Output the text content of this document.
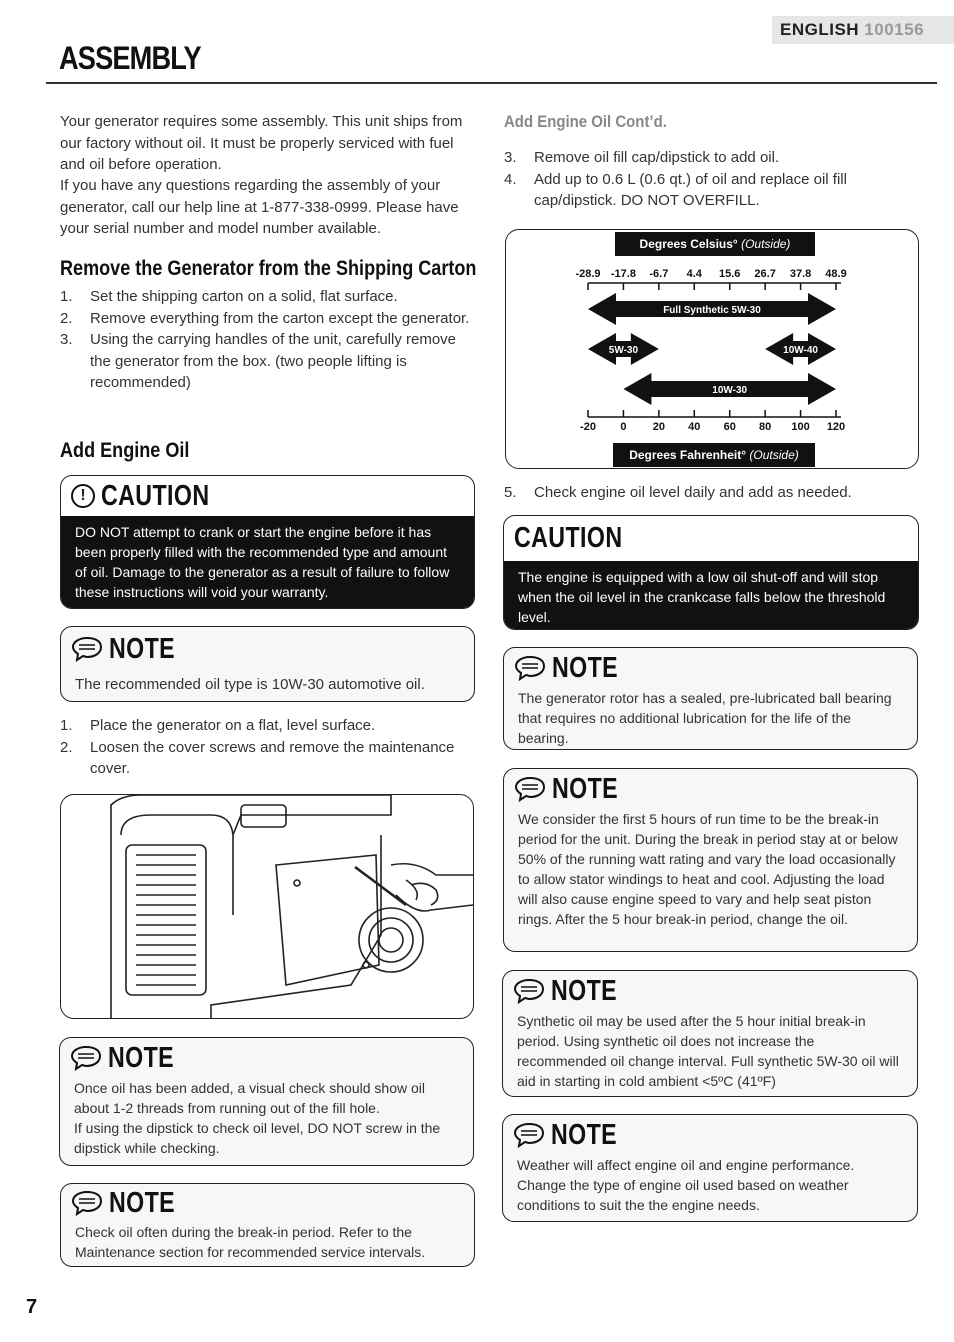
ENGLISH 100156
ASSEMBLY

Your generator requires some assembly. This unit ships from our factory without oil. It must be properly serviced with fuel and oil before operation.

If you have any questions regarding the assembly of your generator, call our help line at 1-877-338-0999. Please have your serial number and model number available.

Remove the Generator from the Shipping Carton
1. Set the shipping carton on a solid, flat surface.
2. Remove everything from the carton except the generator.
3. Using the carrying handles of the unit, carefully remove the generator from the box. (two people lifting is recommended)
Add Engine Oil
! CAUTION
DO NOT attempt to crank or start the engine before it has been properly filled with the recommended type and amount of oil. Damage to the generator as a result of failure to follow these instructions will void your warranty.
NOTE
The recommended oil type is 10W-30 automotive oil.
1. Place the generator on a flat, level surface.
2. Loosen the cover screws and remove the maintenance cover.
NOTE
Once oil has been added, a visual check should show oil about 1-2 threads from running out of the fill hole.
If using the dipstick to check oil level, DO NOT screw in the dipstick while checking.
NOTE
Check oil often during the break-in period. Refer to the Maintenance section for recommended service intervals.
Add Engine Oil Cont’d.
3. Remove oil fill cap/dipstick to add oil.
4. Add up to 0.6 L (0.6 qt.) of oil and replace oil fill cap/dipstick. DO NOT OVERFILL.
Degrees Celsius° (Outside)
Degrees Fahrenheit° (Outside)
-28.9
-20
-17.8
0
-6.7
20
4.4
40
15.6
60
26.7
80
37.8
100
48.9
120
Full Synthetic 5W-30
5W-30	10W-40
10W-30
5. Check engine oil level daily and add as needed.
CAUTION
The engine is equipped with a low oil shut-off and will stop when the oil level in the crankcase falls below the threshold level.
NOTE
The generator rotor has a sealed, pre-lubricated ball bearing that requires no additional lubrication for the life of the bearing.
NOTE
We consider the first 5 hours of run time to be the break-in period for the unit. During the break in period stay at or below 50% of the running watt rating and vary the load occasionally to allow stator windings to heat and cool. Adjusting the load will also cause engine speed to vary and help seat piston rings. After the 5 hour break-in period, change the oil.
NOTE
Synthetic oil may be used after the 5 hour initial break-in period. Using synthetic oil does not increase the recommended oil change interval. Full synthetic 5W-30 oil will aid in starting in cold ambient <5ºC (41ºF)
NOTE
Weather will affect engine oil and engine performance. Change the type of engine oil used based on weather conditions to suit the the engine needs.
7
